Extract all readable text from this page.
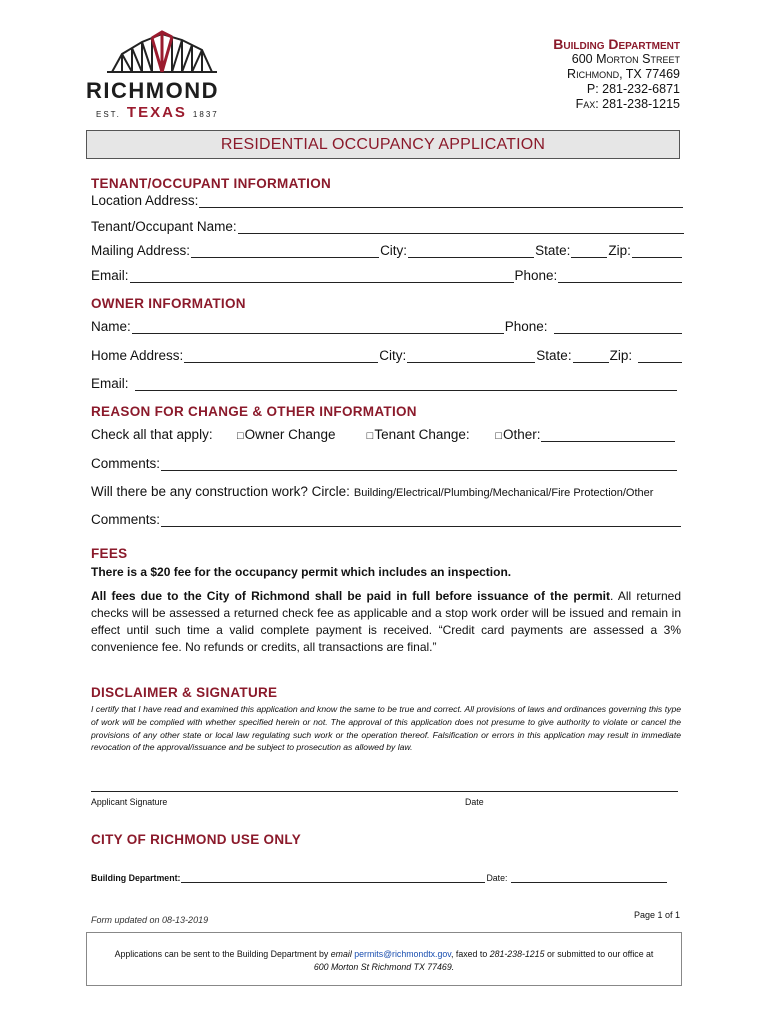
RICHMOND
EST. TEXAS 1837
Building Department
600 Morton Street
Richmond, TX 77469
P: 281-232-6871
Fax: 281-238-1215
RESIDENTIAL OCCUPANCY APPLICATION
TENANT/OCCUPANT INFORMATION
Location Address:
Tenant/Occupant Name:
Mailing Address:	City:	State:	Zip:
Email:	Phone:
OWNER INFORMATION
Name:	Phone:
Home Address:	City:	State:	Zip:
Email:
REASON FOR CHANGE & OTHER INFORMATION
Check all that apply:	□ Owner Change	□ Tenant Change:	□ Other:
Comments:
Will there be any construction work? Circle: Building/Electrical/Plumbing/Mechanical/Fire Protection/Other
Comments:
FEES
There is a $20 fee for the occupancy permit which includes an inspection.
All fees due to the City of Richmond shall be paid in full before issuance of the permit. All returned checks will be assessed a returned check fee as applicable and a stop work order will be issued and remain in effect until such time a valid complete payment is received. “Credit card payments are assessed a 3% convenience fee. No refunds or credits, all transactions are final.”
DISCLAIMER & SIGNATURE
I certify that I have read and examined this application and know the same to be true and correct. All provisions of laws and ordinances governing this type of work will be complied with whether specified herein or not. The approval of this application does not presume to give authority to violate or cancel the provisions of any other state or local law regulating such work or the operation thereof. Falsification or errors in this application may result in immediate revocation of the approval/issuance and be subject to prosecution as allowed by law.
Applicant Signature	Date
CITY OF RICHMOND USE ONLY
Building Department:	Date:
Form updated on 08-13-2019	Page 1 of 1
Applications can be sent to the Building Department by email permits@richmondtx.gov, faxed to 281-238-1215 or submitted to our office at
600 Morton St Richmond TX 77469.
